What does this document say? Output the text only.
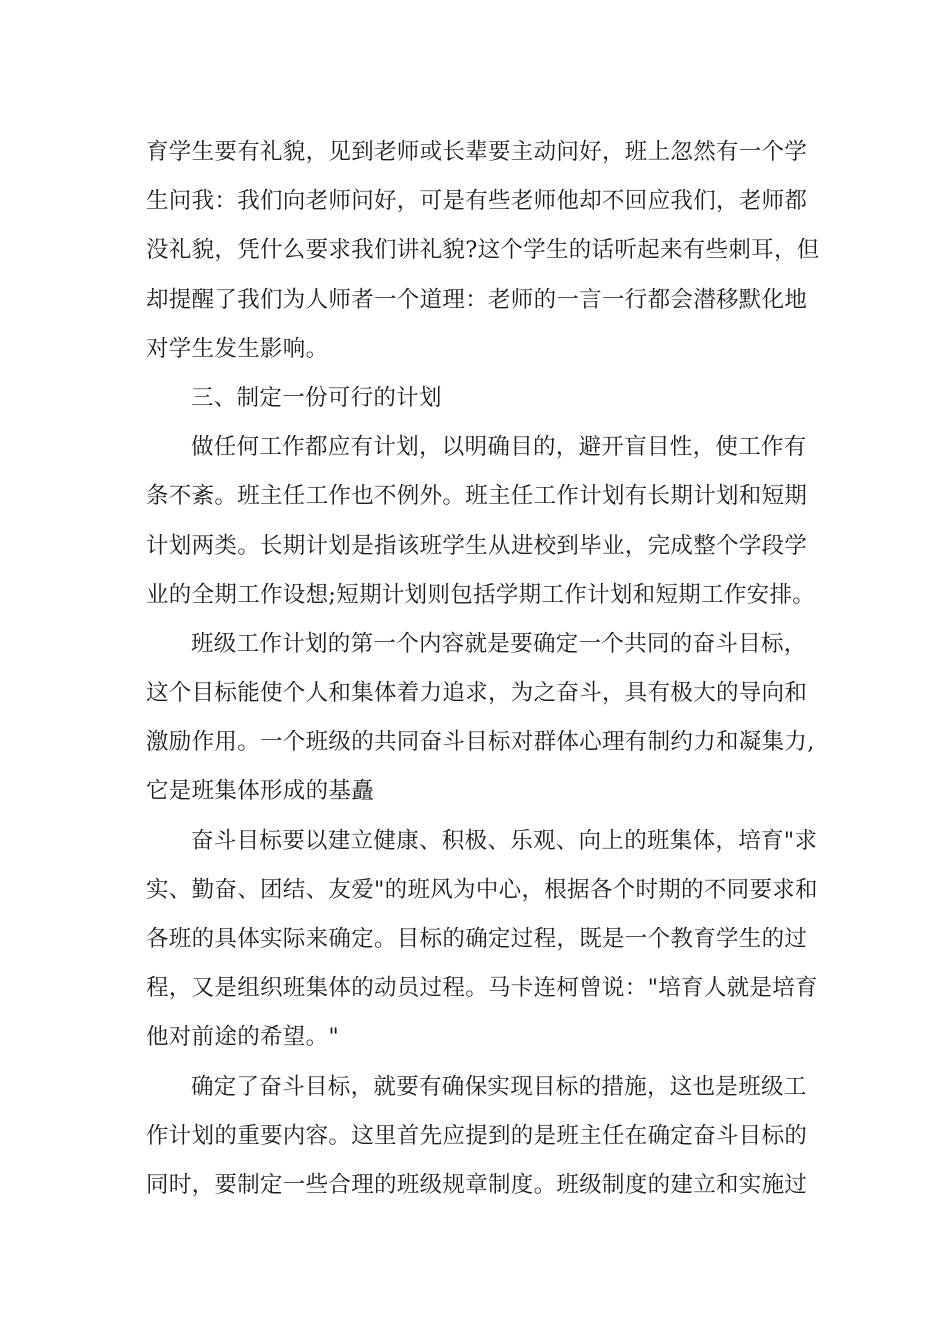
育学生要有礼貌，见到老师或长辈要主动问好，班上忽然有一个学
生问我：我们向老师问好，可是有些老师他却不回应我们，老师都
没礼貌，凭什么要求我们讲礼貌?这个学生的话听起来有些刺耳，但
却提醒了我们为人师者一个道理：老师的一言一行都会潜移默化地
对学生发生影响。
三、制定一份可行的计划
做任何工作都应有计划，以明确目的，避开盲目性，使工作有
条不紊。班主任工作也不例外。班主任工作计划有长期计划和短期
计划两类。长期计划是指该班学生从进校到毕业，完成整个学段学
业的全期工作设想;短期计划则包括学期工作计划和短期工作安排。
班级工作计划的第一个内容就是要确定一个共同的奋斗目标，
这个目标能使个人和集体着力追求，为之奋斗，具有极大的导向和
激励作用。一个班级的共同奋斗目标对群体心理有制约力和凝集力,
它是班集体形成的基矗
奋斗目标要以建立健康、积极、乐观、向上的班集体，培育"求
实、勤奋、团结、友爱"的班风为中心，根据各个时期的不同要求和
各班的具体实际来确定。目标的确定过程，既是一个教育学生的过
程，又是组织班集体的动员过程。马卡连柯曾说："培育人就是培育
他对前途的希望。"
确定了奋斗目标，就要有确保实现目标的措施，这也是班级工
作计划的重要内容。这里首先应提到的是班主任在确定奋斗目标的
同时，要制定一些合理的班级规章制度。班级制度的建立和实施过
